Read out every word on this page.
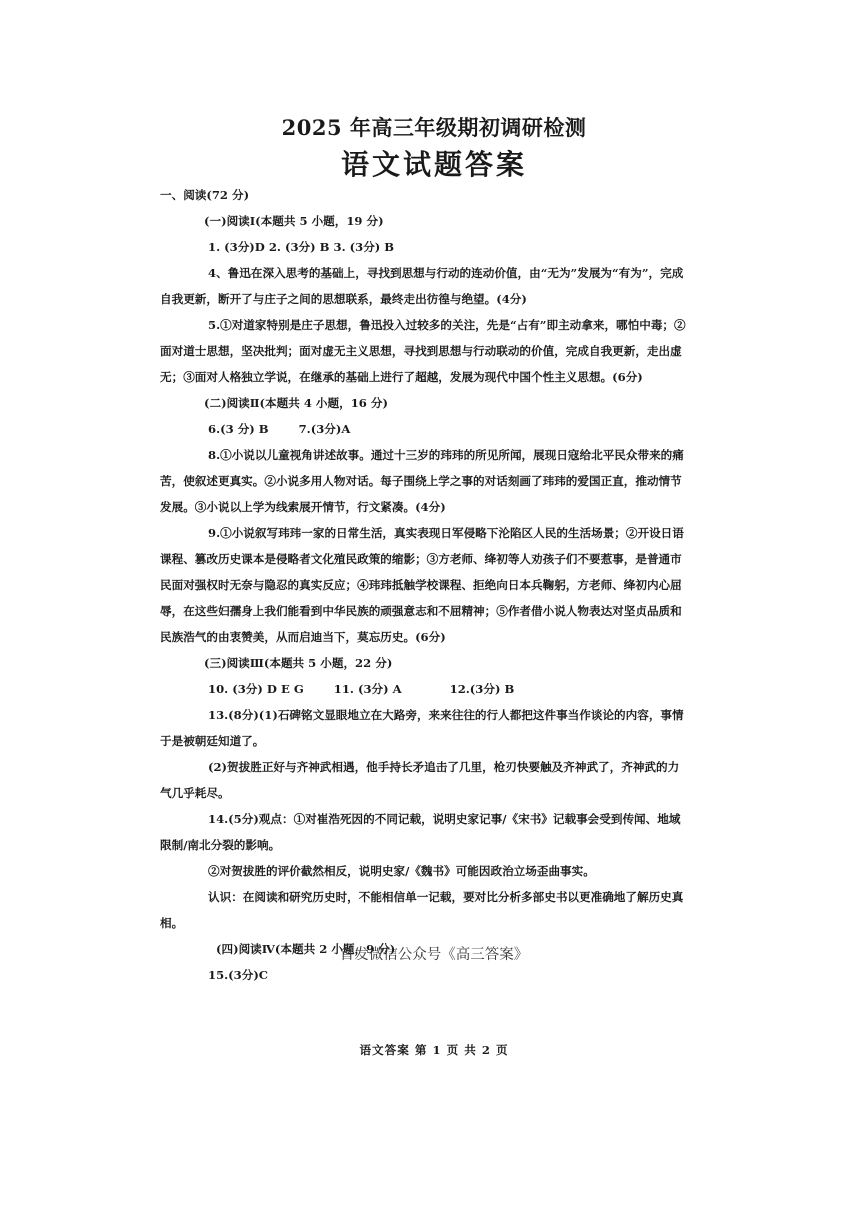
2025 年高三年级期初调研检测
语文试题答案

一、阅读(72 分)

(一)阅读Ⅰ(本题共 5 小题，19 分)

1. (3分)D 2. (3分) B 3. (3分) B

4、鲁迅在深入思考的基础上，寻找到思想与行动的连动价值，由“无为”发展为“有为”，完成自我更新，断开了与庄子之间的思想联系，最终走出彷徨与绝望。(4分)

5.①对道家特别是庄子思想，鲁迅投入过较多的关注，先是“占有”即主动拿来，哪怕中毒；②面对道士思想，坚决批判；面对虚无主义思想，寻找到思想与行动联动的价值，完成自我更新，走出虚无；③面对人格独立学说，在继承的基础上进行了超越，发展为现代中国个性主义思想。(6分)

(二)阅读Ⅱ(本题共 4 小题，16 分)

6.(3 分) B	7.(3分)A

8.①小说以儿童视角讲述故事。通过十三岁的玮玮的所见所闻，展现日寇给北平民众带来的痛苦，使叙述更真实。②小说多用人物对话。每子围绕上学之事的对话刻画了玮玮的爱国正直，推动情节发展。③小说以上学为线索展开情节，行文紧凑。(4分)

9.①小说叙写玮玮一家的日常生活，真实表现日军侵略下沦陷区人民的生活场景；②开设日语课程、篡改历史课本是侵略者文化殖民政策的缩影；③方老师、绛初等人劝孩子们不要惹事，是普通市民面对强权时无奈与隐忍的真实反应；④玮玮抵触学校课程、拒绝向日本兵鞠躬，方老师、绛初内心屈辱，在这些妇孺身上我们能看到中华民族的顽强意志和不屈精神；⑤作者借小说人物表达对坚贞品质和民族浩气的由衷赞美，从而启迪当下，莫忘历史。(6分)

(三)阅读Ⅲ(本题共 5 小题，22 分)

10. (3分) D E G	11. (3分) A	12.(3分) B

13.(8分)(1)石碑铭文显眼地立在大路旁，来来往往的行人都把这件事当作谈论的内容，事情于是被朝廷知道了。

(2)贺拔胜正好与齐神武相遇，他手持长矛追击了几里，枪刃快要触及齐神武了，齐神武的力气几乎耗尽。

14.(5分)观点：①对崔浩死因的不同记载，说明史家记事/《宋书》记载事会受到传闻、地域限制/南北分裂的影响。

②对贺拔胜的评价截然相反，说明史家/《魏书》可能因政治立场歪曲事实。

认识：在阅读和研究历史时，不能相信单一记载，要对比分析多部史书以更准确地了解历史真相。

(四)阅读Ⅳ(本题共 2 小题，9 分)

15.(3分)C

首发微信公众号《高三答案》
语文答案 第 1 页 共 2 页
